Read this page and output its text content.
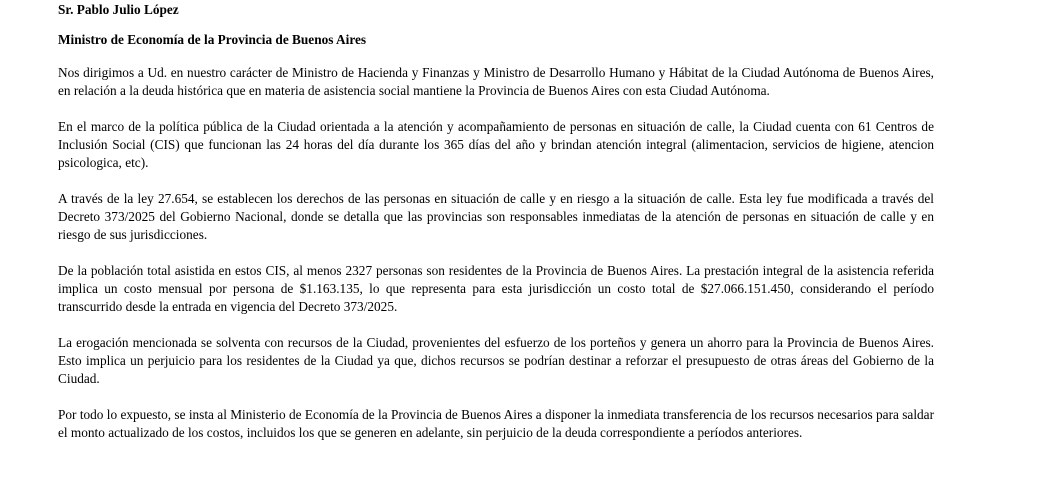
Sr. Pablo Julio López

Ministro de Economía de la Provincia de Buenos Aires

Nos dirigimos a Ud. en nuestro carácter de Ministro de Hacienda y Finanzas y Ministro de Desarrollo Humano y Hábitat de la Ciudad Autónoma de Buenos Aires, en relación a la deuda histórica que en materia de asistencia social mantiene la Provincia de Buenos Aires con esta Ciudad Autónoma.

En el marco de la política pública de la Ciudad orientada a la atención y acompañamiento de personas en situación de calle, la Ciudad cuenta con 61 Centros de Inclusión Social (CIS) que funcionan las 24 horas del día durante los 365 días del año y brindan atención integral (alimentacion, servicios de higiene, atencion psicologica, etc).

A través de la ley 27.654, se establecen los derechos de las personas en situación de calle y en riesgo a la situación de calle. Esta ley fue modificada a través del Decreto 373/2025 del Gobierno Nacional, donde se detalla que las provincias son responsables inmediatas de la atención de personas en situación de calle y en riesgo de sus jurisdicciones.

De la población total asistida en estos CIS, al menos 2327 personas son residentes de la Provincia de Buenos Aires. La prestación integral de la asistencia referida implica un costo mensual por persona de $1.163.135, lo que representa para esta jurisdicción un costo total de $27.066.151.450, considerando el período transcurrido desde la entrada en vigencia del Decreto 373/2025.

La erogación mencionada se solventa con recursos de la Ciudad, provenientes del esfuerzo de los porteños y genera un ahorro para la Provincia de Buenos Aires. Esto implica un perjuicio para los residentes de la Ciudad ya que, dichos recursos se podrían destinar a reforzar el presupuesto de otras áreas del Gobierno de la Ciudad.

Por todo lo expuesto, se insta al Ministerio de Economía de la Provincia de Buenos Aires a disponer la inmediata transferencia de los recursos necesarios para saldar el monto actualizado de los costos, incluidos los que se generen en adelante, sin perjuicio de la deuda correspondiente a períodos anteriores.
